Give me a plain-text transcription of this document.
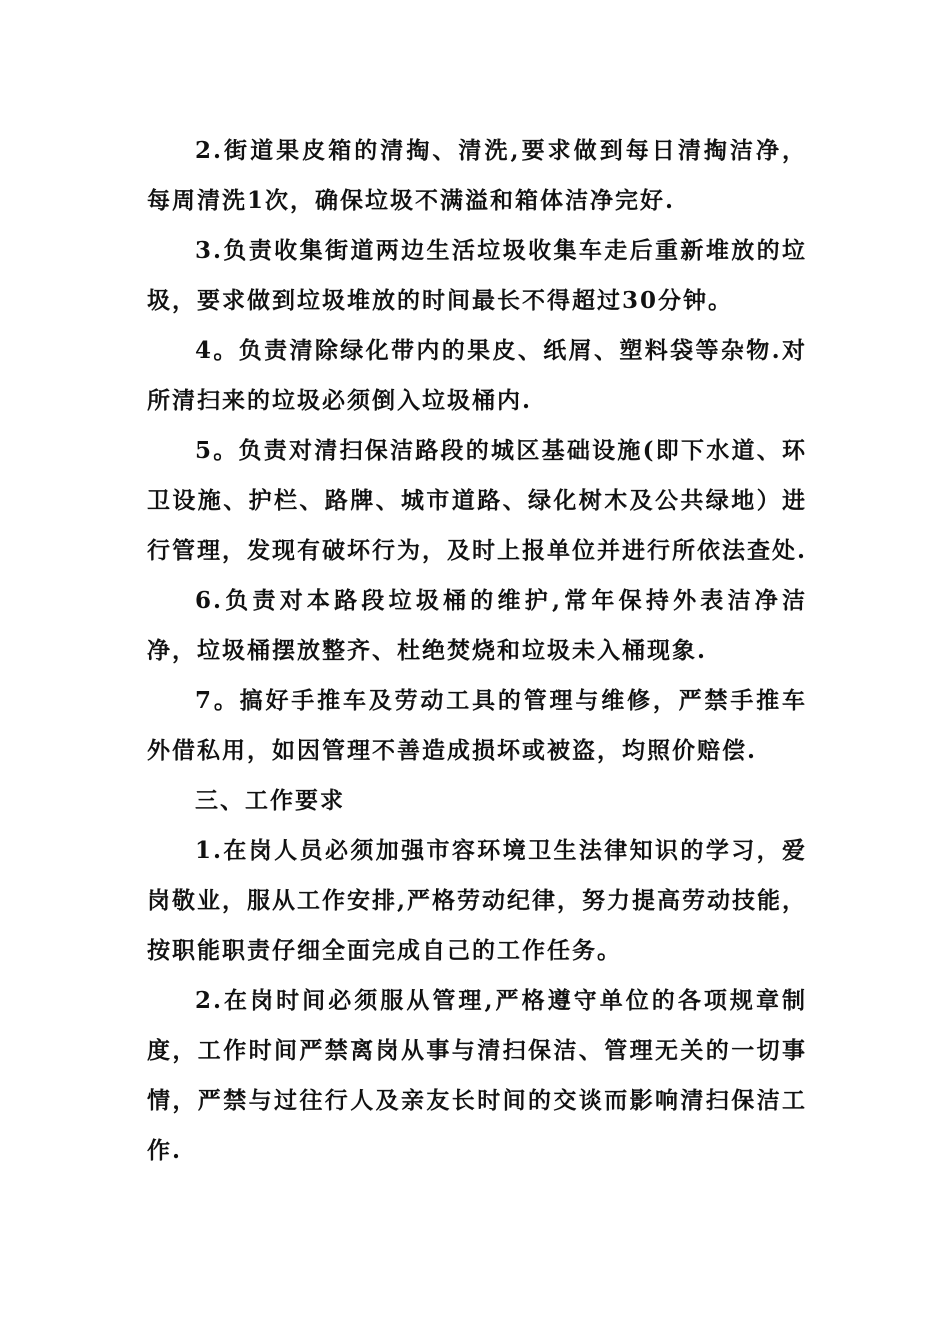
2.街道果皮箱的清掏、清洗,要求做到每日清掏洁净，每周清洗1次，确保垃圾不满溢和箱体洁净完好.

3.负责收集街道两边生活垃圾收集车走后重新堆放的垃圾，要求做到垃圾堆放的时间最长不得超过30分钟。

4。负责清除绿化带内的果皮、纸屑、塑料袋等杂物.对所清扫来的垃圾必须倒入垃圾桶内.

5。负责对清扫保洁路段的城区基础设施(即下水道、环卫设施、护栏、路牌、城市道路、绿化树木及公共绿地）进行管理，发现有破坏行为，及时上报单位并进行所依法查处.

6.负责对本路段垃圾桶的维护,常年保持外表洁净洁净，垃圾桶摆放整齐、杜绝焚烧和垃圾未入桶现象.

7。搞好手推车及劳动工具的管理与维修，严禁手推车外借私用，如因管理不善造成损坏或被盗，均照价赔偿.

三、工作要求

1.在岗人员必须加强市容环境卫生法律知识的学习，爱岗敬业，服从工作安排,严格劳动纪律，努力提高劳动技能，按职能职责仔细全面完成自己的工作任务。

2.在岗时间必须服从管理,严格遵守单位的各项规章制度，工作时间严禁离岗从事与清扫保洁、管理无关的一切事情，严禁与过往行人及亲友长时间的交谈而影响清扫保洁工作.
